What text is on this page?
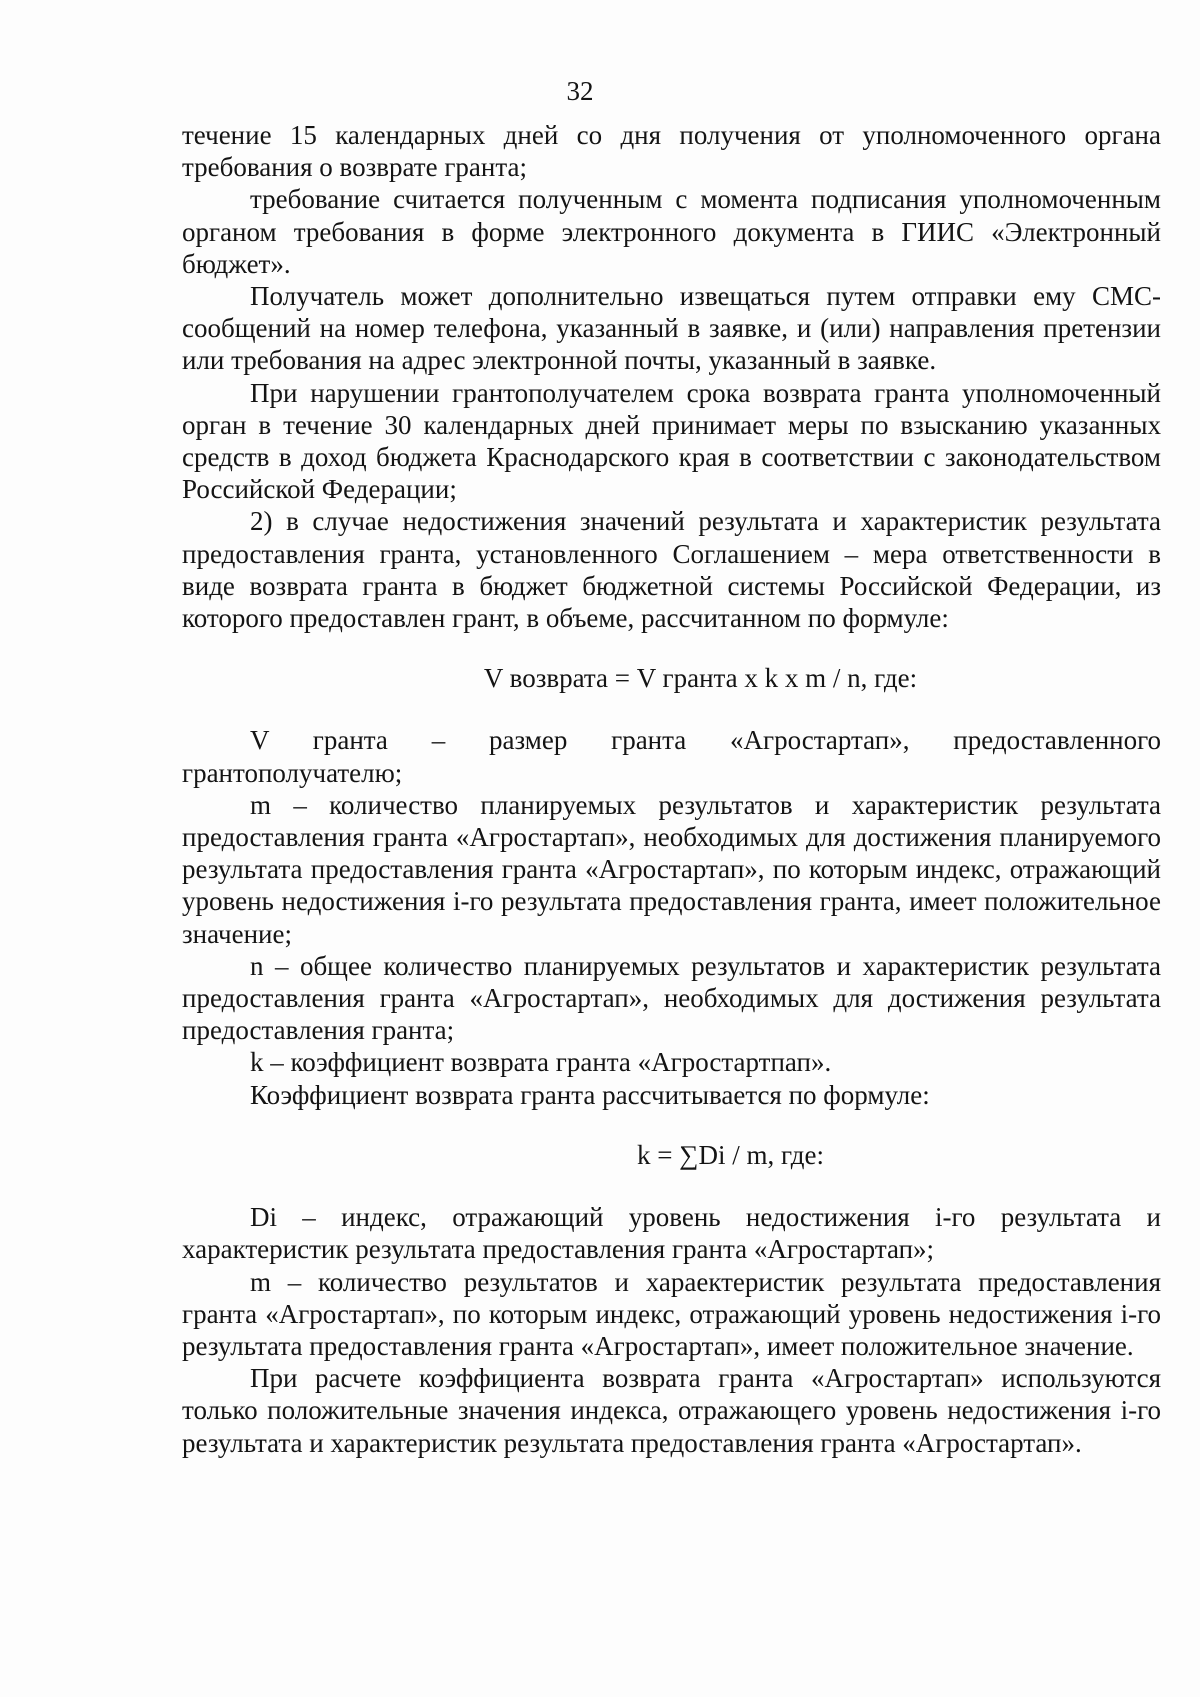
32

течение 15 календарных дней со дня получения от уполномоченного органа требования о возврате гранта;

требование считается полученным с момента подписания уполномоченным органом требования в форме электронного документа в ГИИС «Электронный бюджет».

Получатель может дополнительно извещаться путем отправки ему СМС-сообщений на номер телефона, указанный в заявке, и (или) направления претензии или требования на адрес электронной почты, указанный в заявке.

При нарушении грантополучателем срока возврата гранта уполномоченный орган в течение 30 календарных дней принимает меры по взысканию указанных средств в доход бюджета Краснодарского края в соответствии с законодательством Российской Федерации;

2) в случае недостижения значений результата и характеристик результата предоставления гранта, установленного Соглашением – мера ответственности в виде возврата гранта в бюджет бюджетной системы Российской Федерации, из которого предоставлен грант, в объеме, рассчитанном по формуле:

V возврата = V гранта х k х m / n, где:

V гранта – размер гранта «Агростартап», предоставленного грантополучателю;

m – количество планируемых результатов и характеристик результата предоставления гранта «Агростартап», необходимых для достижения планируемого результата предоставления гранта «Агростартап», по которым индекс, отражающий уровень недостижения i-го результата предоставления гранта, имеет положительное значение;

n – общее количество планируемых результатов и характеристик результата предоставления гранта «Агростартап», необходимых для достижения результата предоставления гранта;

k – коэффициент возврата гранта «Агростартпап».

Коэффициент возврата гранта рассчитывается по формуле:

k = ∑Di / m, где:

Di – индекс, отражающий уровень недостижения i-го результата и характеристик результата предоставления гранта «Агростартап»;

m – количество результатов и хараектеристик результата предоставления гранта «Агростартап», по которым индекс, отражающий уровень недостижения i-го результата предоставления гранта «Агростартап», имеет положительное значение.

При расчете коэффициента возврата гранта «Агростартап» используются только положительные значения индекса, отражающего уровень недостижения i-го результата и характеристик результата предоставления гранта «Агростартап».
